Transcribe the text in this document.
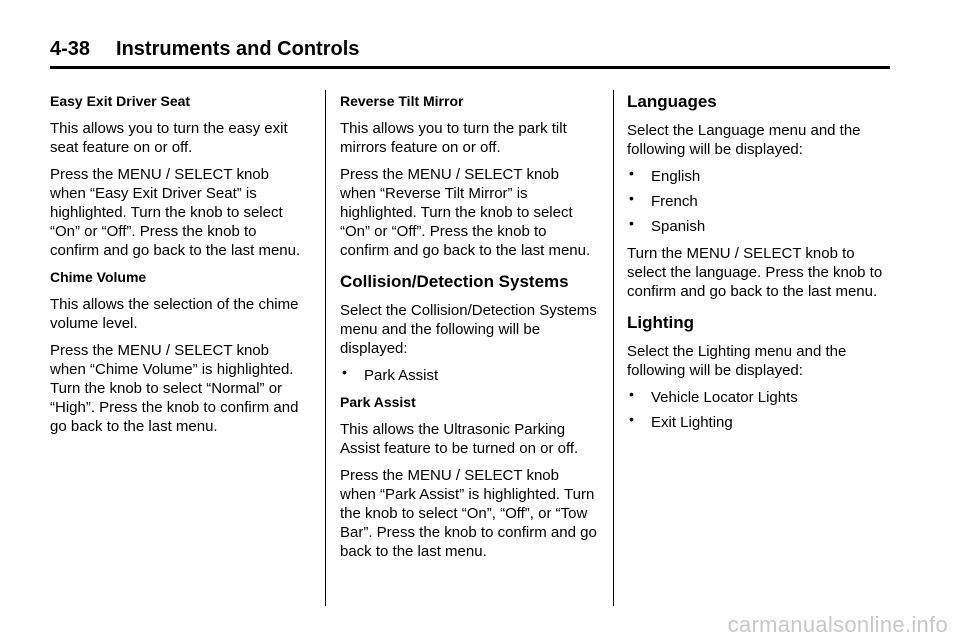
4-38 Instruments and Controls

Easy Exit Driver Seat

This allows you to turn the easy exit seat feature on or off.

Press the MENU / SELECT knob when “Easy Exit Driver Seat” is highlighted. Turn the knob to select “On” or “Off”. Press the knob to confirm and go back to the last menu.

Chime Volume

This allows the selection of the chime volume level.

Press the MENU / SELECT knob when “Chime Volume” is highlighted. Turn the knob to select “Normal” or “High”. Press the knob to confirm and go back to the last menu.

Reverse Tilt Mirror

This allows you to turn the park tilt mirrors feature on or off.

Press the MENU / SELECT knob when “Reverse Tilt Mirror” is highlighted. Turn the knob to select “On” or “Off”. Press the knob to confirm and go back to the last menu.

Collision/Detection Systems

Select the Collision/Detection Systems menu and the following will be displayed:

• Park Assist

Park Assist

This allows the Ultrasonic Parking Assist feature to be turned on or off.

Press the MENU / SELECT knob when “Park Assist” is highlighted. Turn the knob to select “On”, “Off”, or “Tow Bar”. Press the knob to confirm and go back to the last menu.

Languages

Select the Language menu and the following will be displayed:

• English
• French
• Spanish

Turn the MENU / SELECT knob to select the language. Press the knob to confirm and go back to the last menu.

Lighting

Select the Lighting menu and the following will be displayed:

• Vehicle Locator Lights
• Exit Lighting
carmanualsonline.info
